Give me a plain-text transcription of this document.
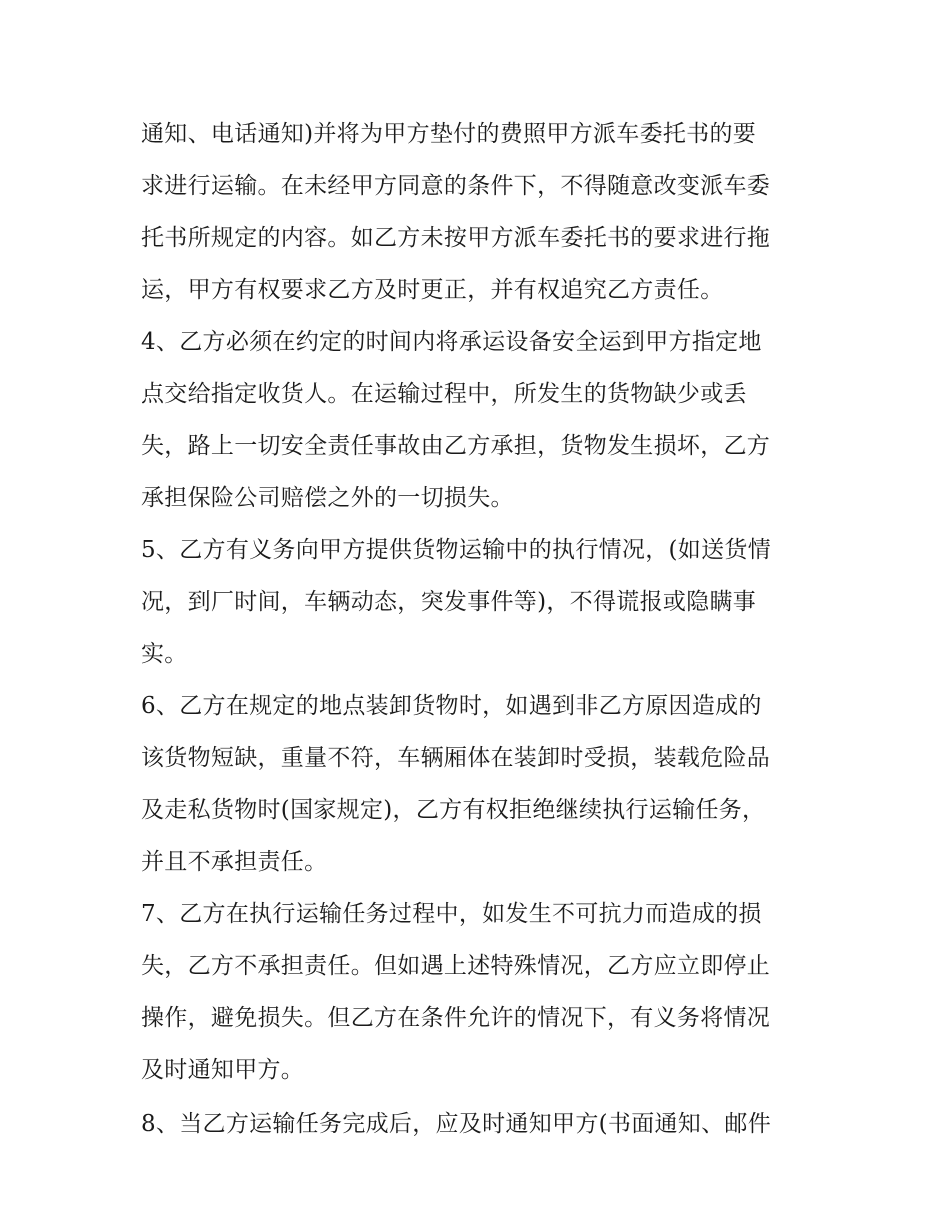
通知、电话通知)并将为甲方垫付的费照甲方派车委托书的要
求进行运输。在未经甲方同意的条件下，不得随意改变派车委
托书所规定的内容。如乙方未按甲方派车委托书的要求进行拖
运，甲方有权要求乙方及时更正，并有权追究乙方责任。
4、乙方必须在约定的时间内将承运设备安全运到甲方指定地
点交给指定收货人。在运输过程中，所发生的货物缺少或丢
失，路上一切安全责任事故由乙方承担，货物发生损坏，乙方
承担保险公司赔偿之外的一切损失。
5、乙方有义务向甲方提供货物运输中的执行情况，(如送货情
况，到厂时间，车辆动态，突发事件等)，不得谎报或隐瞒事
实。
6、乙方在规定的地点装卸货物时，如遇到非乙方原因造成的
该货物短缺，重量不符，车辆厢体在装卸时受损，装载危险品
及走私货物时(国家规定)，乙方有权拒绝继续执行运输任务，
并且不承担责任。
7、乙方在执行运输任务过程中，如发生不可抗力而造成的损
失，乙方不承担责任。但如遇上述特殊情况，乙方应立即停止
操作，避免损失。但乙方在条件允许的情况下，有义务将情况
及时通知甲方。
8、当乙方运输任务完成后，应及时通知甲方(书面通知、邮件
